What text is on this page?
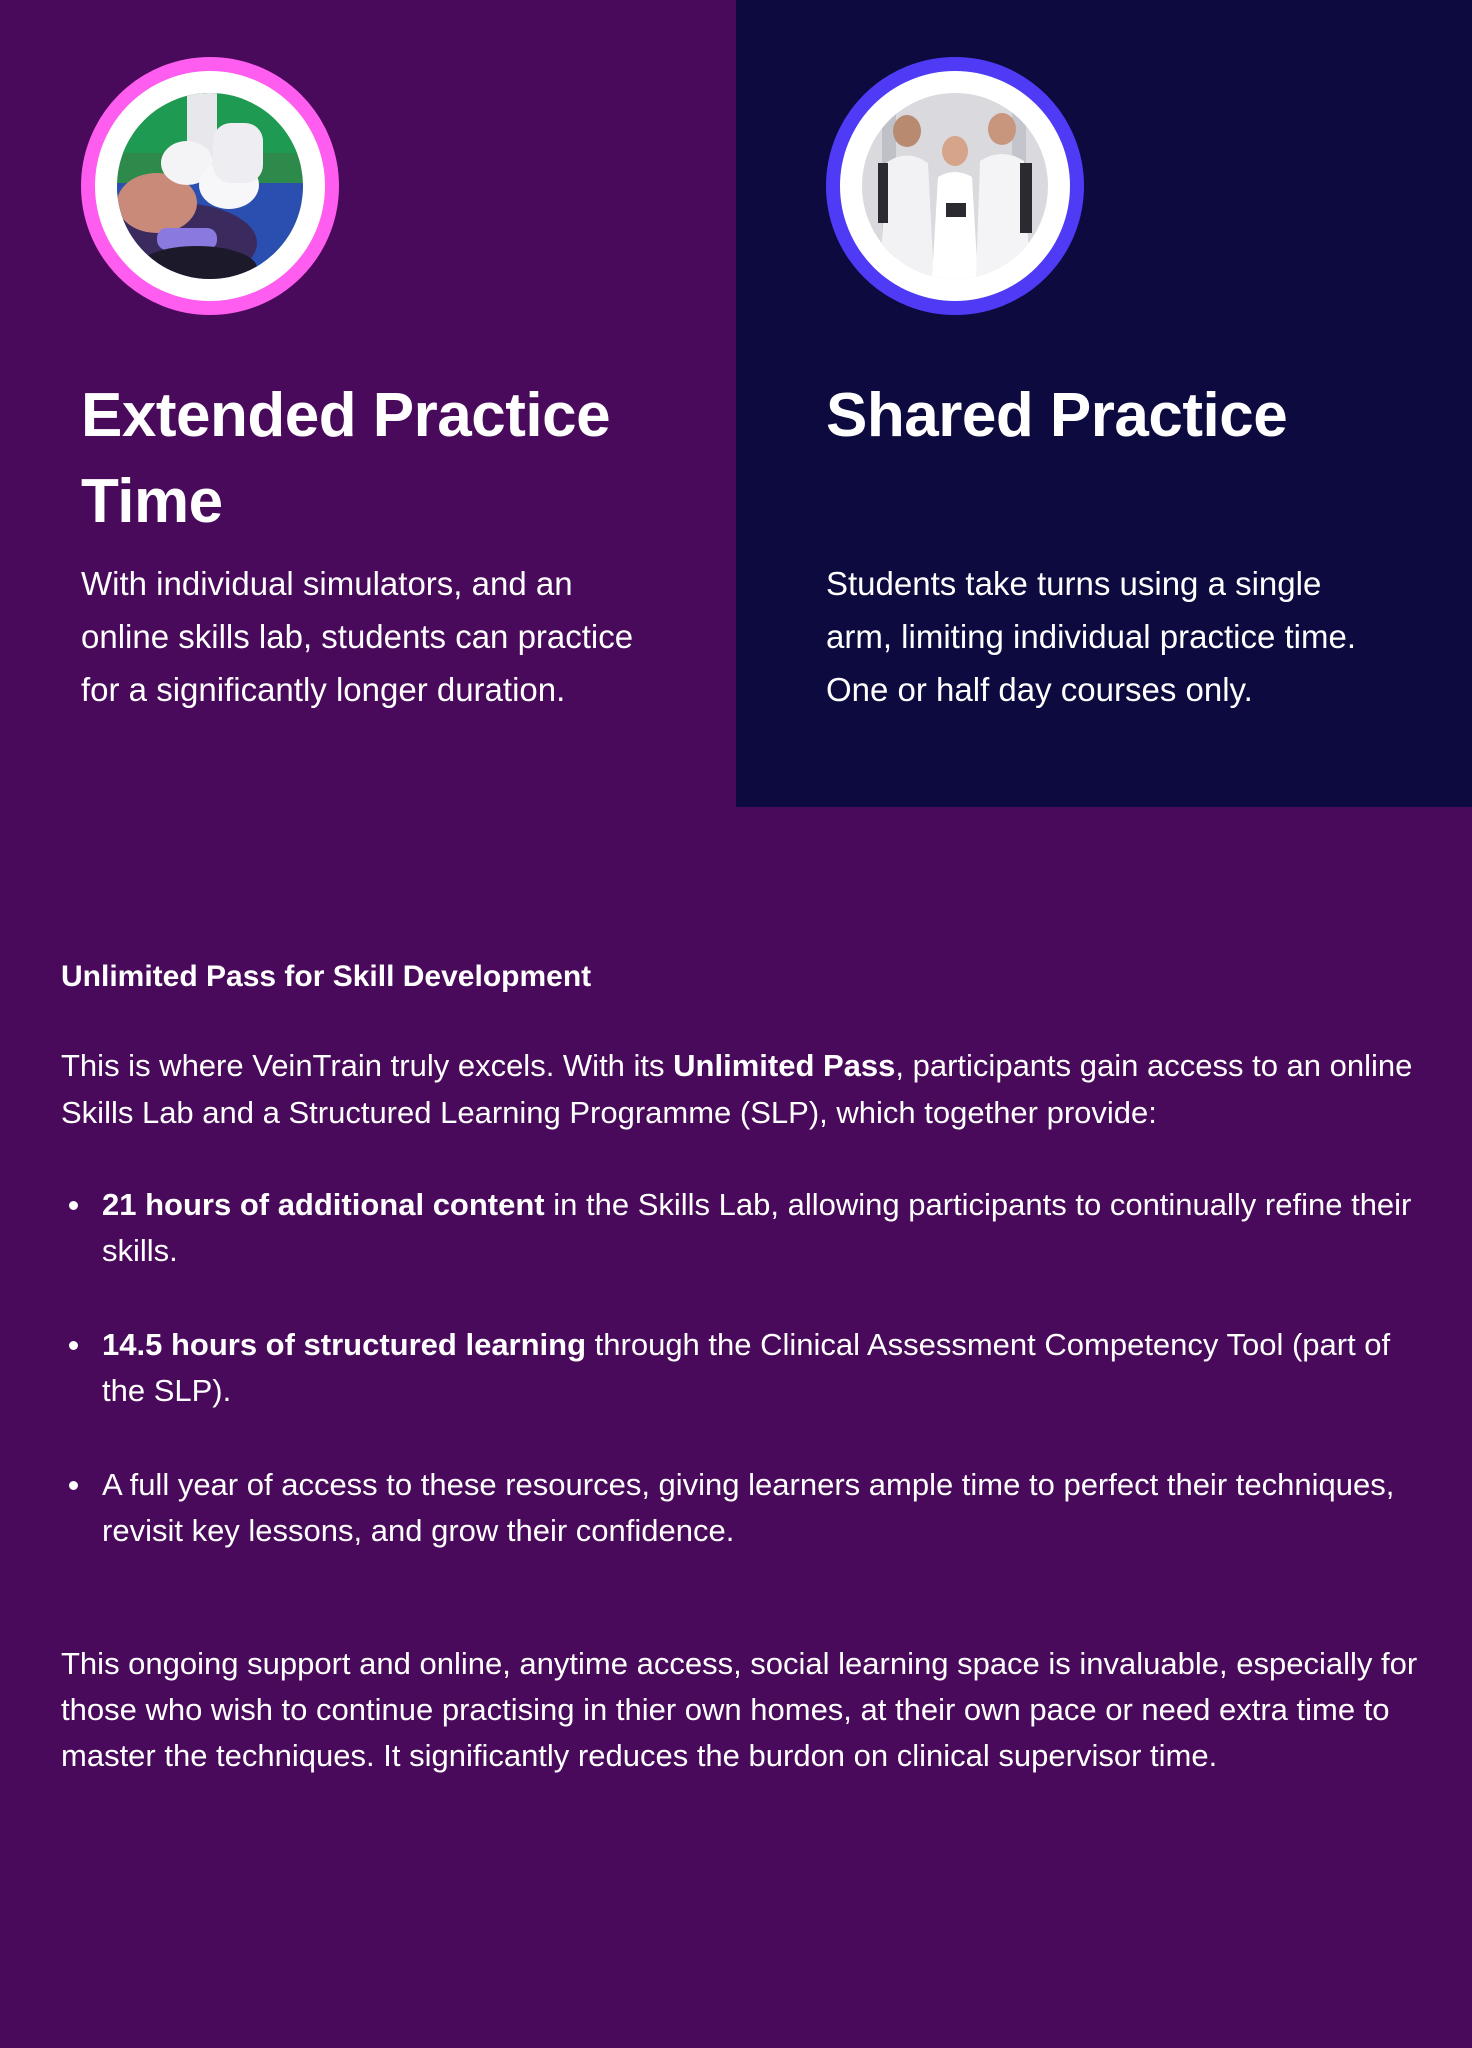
Extended Practice Time

With individual simulators, and an online skills lab, students can practice for a significantly longer duration.

Shared Practice

Students take turns using a single arm, limiting individual practice time. One or half day courses only.

Unlimited Pass for Skill Development

This is where VeinTrain truly excels. With its Unlimited Pass, participants gain access to an online Skills Lab and a Structured Learning Programme (SLP), which together provide:

21 hours of additional content in the Skills Lab, allowing participants to continually refine their skills.
14.5 hours of structured learning through the Clinical Assessment Competency Tool (part of the SLP).
A full year of access to these resources, giving learners ample time to perfect their techniques, revisit key lessons, and grow their confidence.

This ongoing support and online, anytime access, social learning space is invaluable, especially for those who wish to continue practising in thier own homes, at their own pace or need extra time to master the techniques. It significantly reduces the burdon on clinical supervisor time.
